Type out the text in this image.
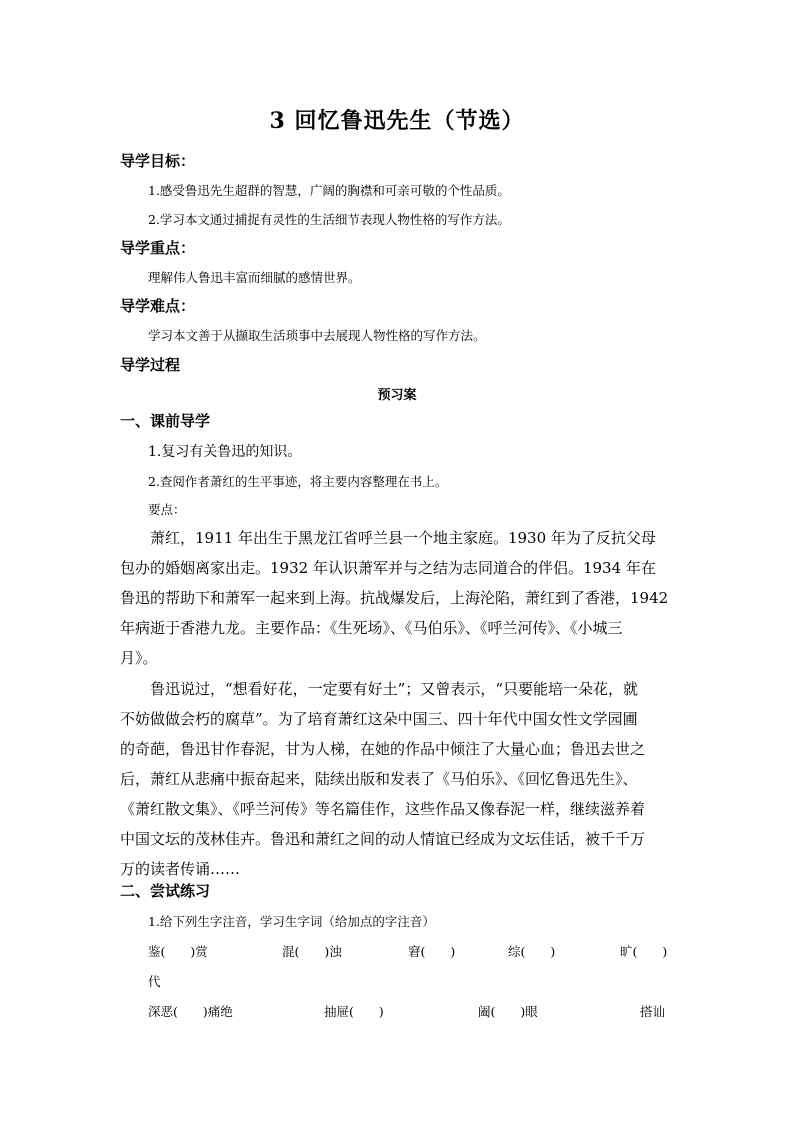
3 回忆鲁迅先生（节选）
导学目标：
1.感受鲁迅先生超群的智慧，广阔的胸襟和可亲可敬的个性品质。
2.学习本文通过捕捉有灵性的生活细节表现人物性格的写作方法。
导学重点：
理解伟人鲁迅丰富而细腻的感情世界。
导学难点：
学习本文善于从撷取生活琐事中去展现人物性格的写作方法。
导学过程
预习案
一、课前导学
1.复习有关鲁迅的知识。
2.查阅作者萧红的生平事迹，将主要内容整理在书上。
要点：
　　萧红，1911 年出生于黑龙江省呼兰县一个地主家庭。1930 年为了反抗父母
包办的婚姻离家出走。1932 年认识萧军并与之结为志同道合的伴侣。1934 年在
鲁迅的帮助下和萧军一起来到上海。抗战爆发后，上海沦陷，萧红到了香港，1942
年病逝于香港九龙。主要作品：《生死场》、《马伯乐》、《呼兰河传》、《小城三
月》。
　　鲁迅说过，“想看好花，一定要有好土”；又曾表示，“只要能培一朵花，就
不妨做做会朽的腐草”。为了培育萧红这朵中国三、四十年代中国女性文学园圃
的奇葩，鲁迅甘作春泥，甘为人梯，在她的作品中倾注了大量心血；鲁迅去世之
后，萧红从悲痛中振奋起来，陆续出版和发表了《马伯乐》、《回忆鲁迅先生》、
《萧红散文集》、《呼兰河传》等名篇佳作，这些作品又像春泥一样，继续滋养着
中国文坛的茂林佳卉。鲁迅和萧红之间的动人情谊已经成为文坛佳话，被千千万
万的读者传诵……
二、尝试练习
1.给下列生字注音，学习生字词（给加点的字注音）
鉴(　　)赏	混(　　)浊	窘(　　)	综(　　)	旷(　　)
代
深恶(　　)痛绝	抽屉(　　)	阖(　　)眼	搭讪
